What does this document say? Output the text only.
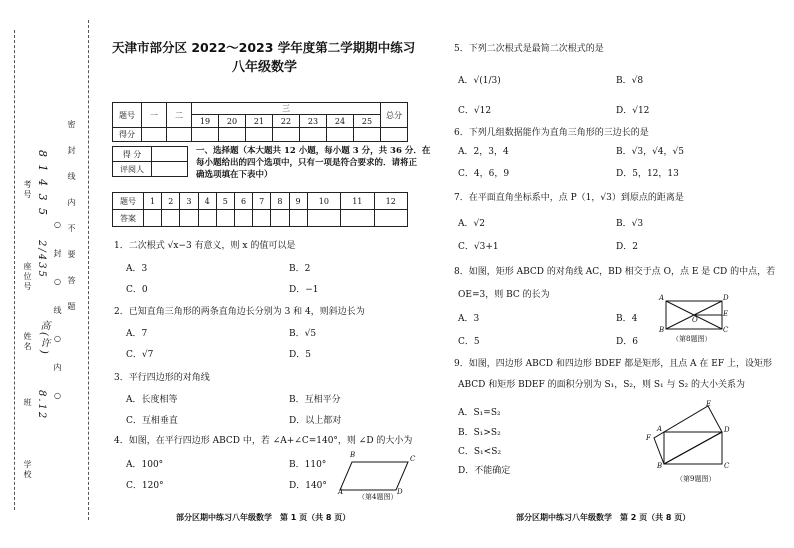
考号 8 1 4 3 5
座位号 2/435
姓名 高(许)
班 8.12
学校
密　封　线　内　不　要　答　题
○　封　○　线　○　内　○
天津市部分区 2022～2023 学年度第二学期期中练习
八年级数学
题号	一	二	三							总分
			19	20	21	22	23	24	25	
得分										
得 分	
评阅人	
一、选择题（本大题共 12 小题，每小题 3 分，共 36 分．在
每小题给出的四个选项中，只有一项是符合要求的．请将正
确选项填在下表中）
题号	1	2	3	4	5	6	7	8	9	10	11	12
答案												
1．二次根式 √x−3 有意义，则 x 的值可以是
A．3	B．2
C．0	D．−1
2．已知直角三角形的两条直角边长分别为 3 和 4，则斜边长为
A．7	B．√5
C．√7	D．5
3．平行四边形的对角线
A．长度相等	B．互相平分
C．互相垂直	D．以上都对
4．如图，在平行四边形 ABCD 中，若 ∠A+∠C=140°，则 ∠D 的大小为
A．100°	B．110°
C．120°	D．140°
B	C
A	D
（第4题图）
部分区期中练习八年级数学　第 1 页（共 8 页）
5．下列二次根式是最简二次根式的是
A．√(1/3)	B．√8
C．√12	D．√12
6．下列几组数据能作为直角三角形的三边长的是
A．2，3，4	B．√3，√4，√5
C．4，6，9	D．5，12，13
7．在平面直角坐标系中，点 P（1，√3）到原点的距离是
A．√2	B．√3
C．√3+1	D．2
8．如图，矩形 ABCD 的对角线 AC，BD 相交于点 O，点 E 是 CD 的中点，若
OE=3，则 BC 的长为
A．3	B．4
C．5	D．6
A	D
E
O
B	C
（第8题图）
9．如图，四边形 ABCD 和四边形 BDEF 都是矩形，且点 A 在 EF 上，设矩形
ABCD 和矩形 BDEF 的面积分别为 S₁，S₂，则 S₁ 与 S₂ 的大小关系为
A．S₁=S₂
B．S₁>S₂
C．S₁<S₂
D．不能确定
E
F
A	D
B	C
（第9题图）
部分区期中练习八年级数学　第 2 页（共 8 页）
